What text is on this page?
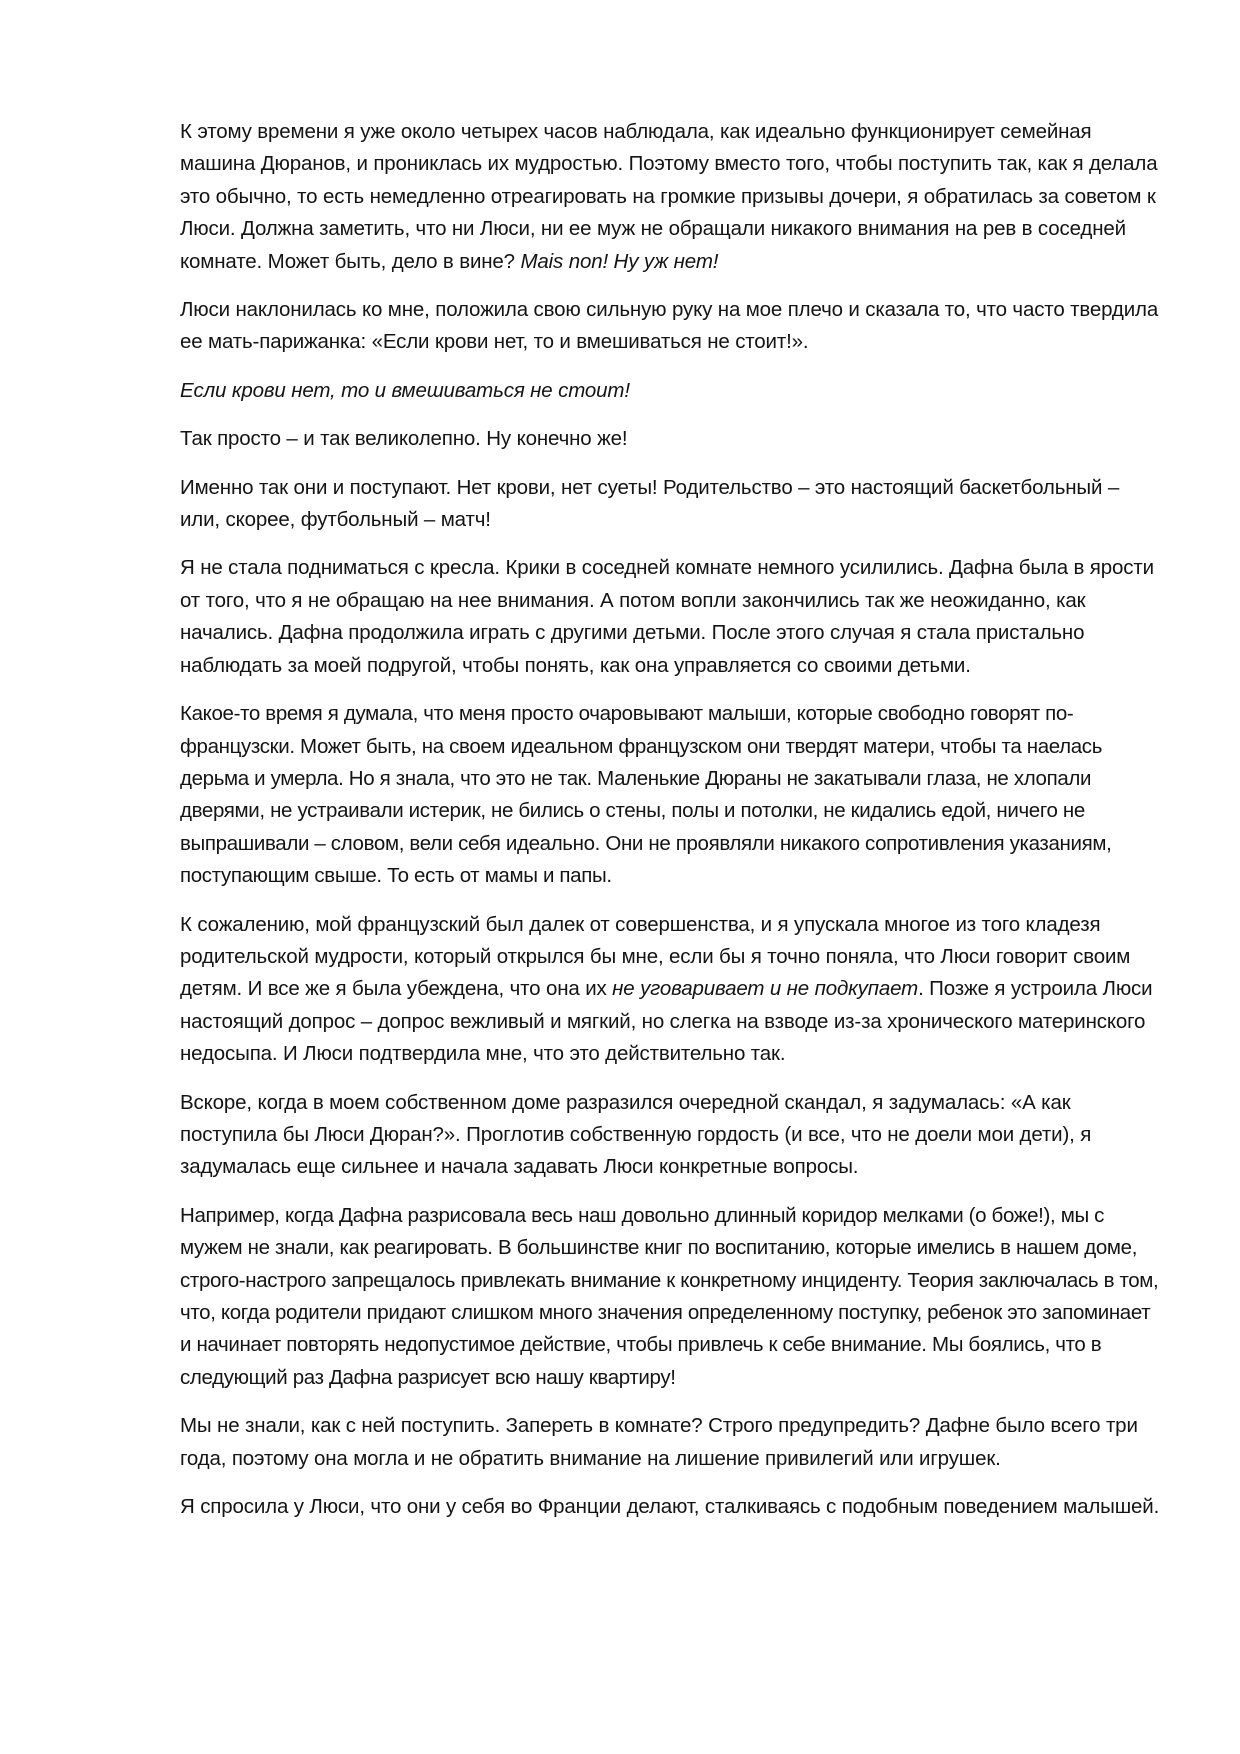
К этому времени я уже около четырех часов наблюдала, как идеально функционирует семейная машина Дюранов, и прониклась их мудростью. Поэтому вместо того, чтобы поступить так, как я делала это обычно, то есть немедленно отреагировать на громкие призывы дочери, я обратилась за советом к Люси. Должна заметить, что ни Люси, ни ее муж не обращали никакого внимания на рев в соседней комнате. Может быть, дело в вине? Mais non! Ну уж нет!

Люси наклонилась ко мне, положила свою сильную руку на мое плечо и сказала то, что часто твердила ее мать-парижанка: «Если крови нет, то и вмешиваться не стоит!».

Если крови нет, то и вмешиваться не стоит!

Так просто – и так великолепно. Ну конечно же!

Именно так они и поступают. Нет крови, нет суеты! Родительство – это настоящий баскетбольный – или, скорее, футбольный – матч!

Я не стала подниматься с кресла. Крики в соседней комнате немного усилились. Дафна была в ярости от того, что я не обращаю на нее внимания. А потом вопли закончились так же неожиданно, как начались. Дафна продолжила играть с другими детьми. После этого случая я стала пристально наблюдать за моей подругой, чтобы понять, как она управляется со своими детьми.

Какое-то время я думала, что меня просто очаровывают малыши, которые свободно говорят по-французски. Может быть, на своем идеальном французском они твердят матери, чтобы та наелась дерьма и умерла. Но я знала, что это не так. Маленькие Дюраны не закатывали глаза, не хлопали дверями, не устраивали истерик, не бились о стены, полы и потолки, не кидались едой, ничего не выпрашивали – словом, вели себя идеально. Они не проявляли никакого сопротивления указаниям, поступающим свыше. То есть от мамы и папы.

К сожалению, мой французский был далек от совершенства, и я упускала многое из того кладезя родительской мудрости, который открылся бы мне, если бы я точно поняла, что Люси говорит своим детям. И все же я была убеждена, что она их не уговаривает и не подкупает. Позже я устроила Люси настоящий допрос – допрос вежливый и мягкий, но слегка на взводе из-за хронического материнского недосыпа. И Люси подтвердила мне, что это действительно так.

Вскоре, когда в моем собственном доме разразился очередной скандал, я задумалась: «А как поступила бы Люси Дюран?». Проглотив собственную гордость (и все, что не доели мои дети), я задумалась еще сильнее и начала задавать Люси конкретные вопросы.

Например, когда Дафна разрисовала весь наш довольно длинный коридор мелками (о боже!), мы с мужем не знали, как реагировать. В большинстве книг по воспитанию, которые имелись в нашем доме, строго-настрого запрещалось привлекать внимание к конкретному инциденту. Теория заключалась в том, что, когда родители придают слишком много значения определенному поступку, ребенок это запоминает и начинает повторять недопустимое действие, чтобы привлечь к себе внимание. Мы боялись, что в следующий раз Дафна разрисует всю нашу квартиру!

Мы не знали, как с ней поступить. Запереть в комнате? Строго предупредить? Дафне было всего три года, поэтому она могла и не обратить внимание на лишение привилегий или игрушек.

Я спросила у Люси, что они у себя во Франции делают, сталкиваясь с подобным поведением малышей.
